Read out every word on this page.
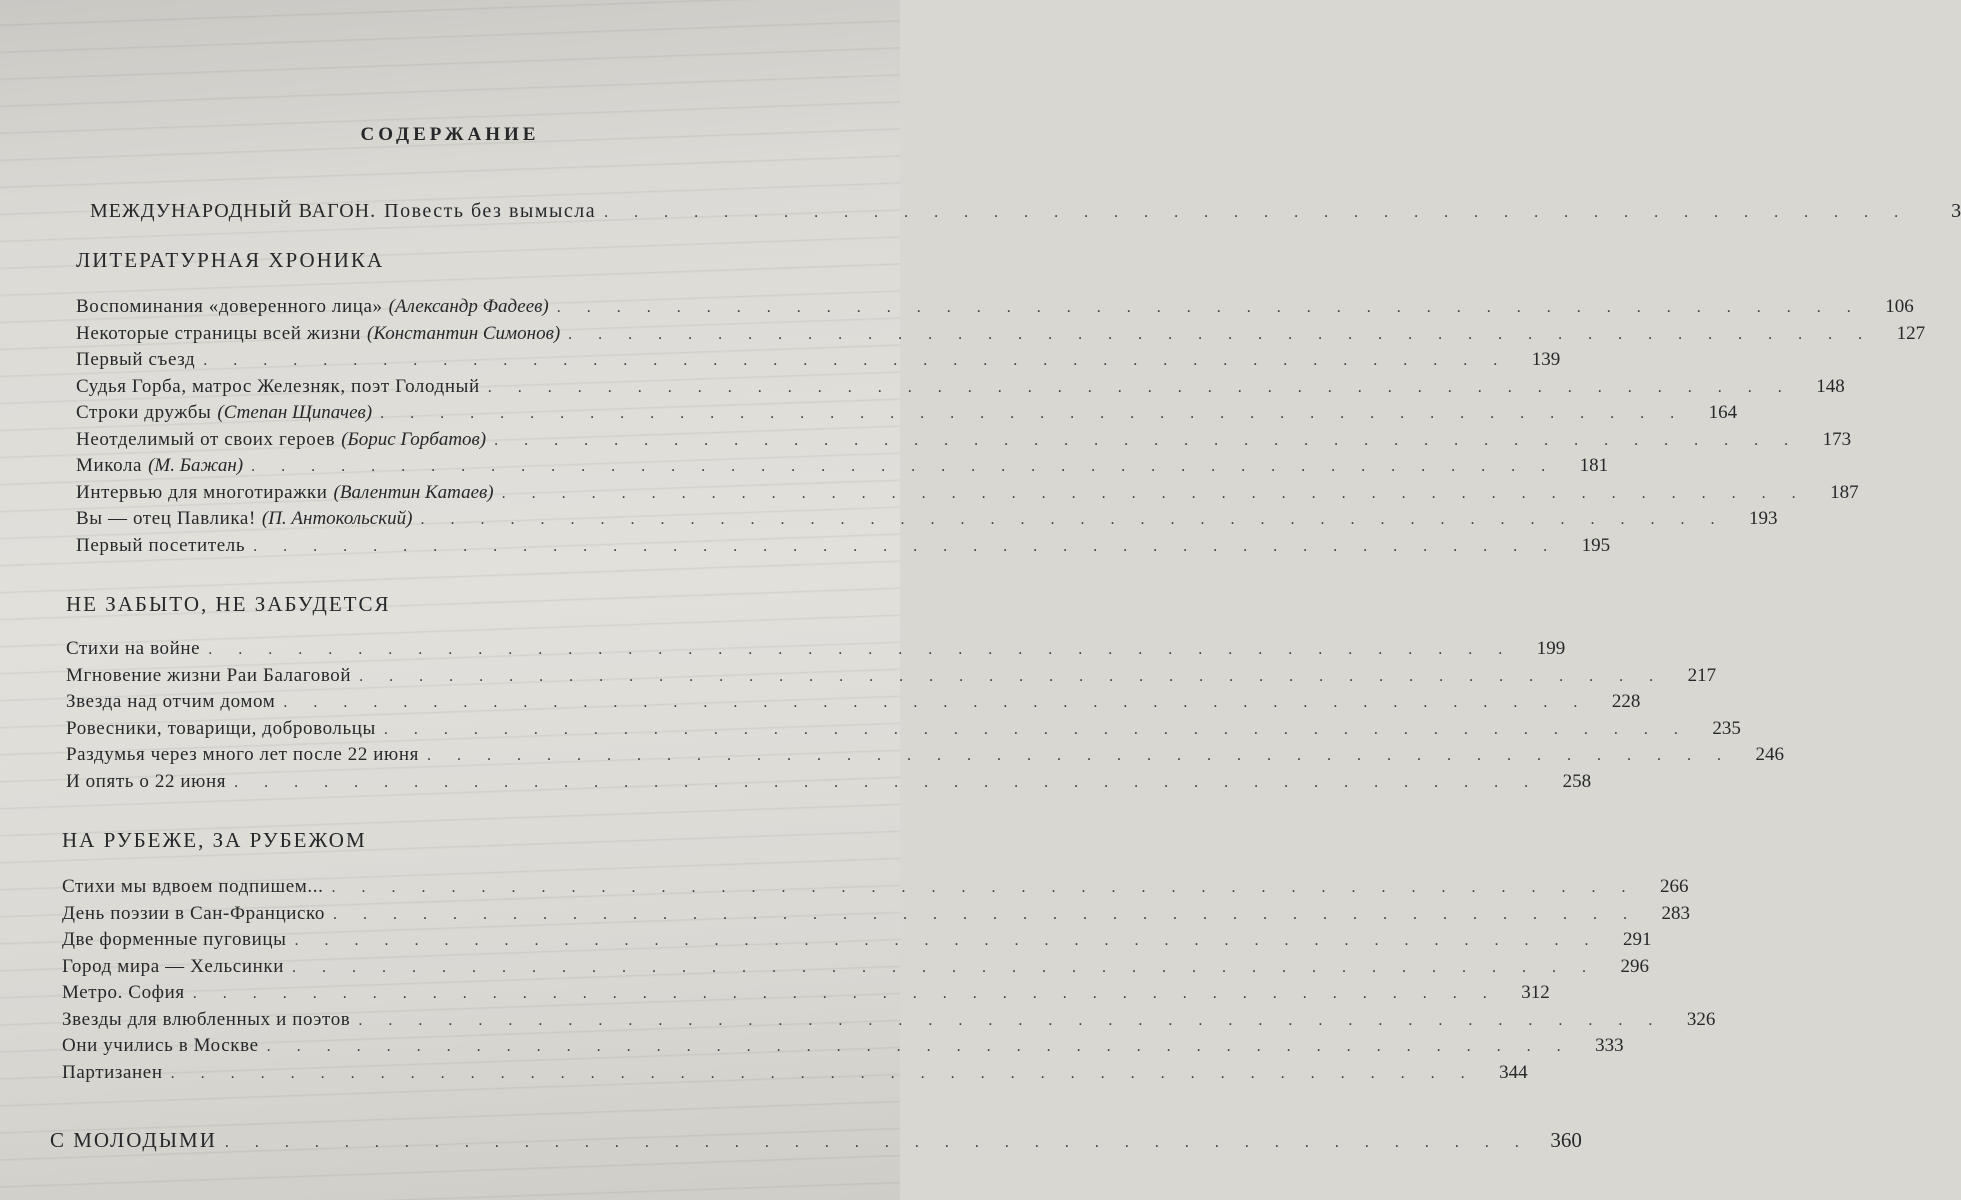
СОДЕРЖАНИЕ
МЕЖДУНАРОДНЫЙ ВАГОН. Повесть без вымысла . . . . . . . . . . . . . . . . . . . . . . . . . . . . . . . . . . . . . . . . . . . .	3
ЛИТЕРАТУРНАЯ ХРОНИКА
Воспоминания «доверенного лица» (Александр Фадеев) . . . . . . . . . . . . . . . . . . . . . . . . . . . . . . . . . . . . . . . . . . . .	106
Некоторые страницы всей жизни (Константин Симонов) . . . . . . . . . . . . . . . . . . . . . . . . . . . . . . . . . . . . . . . . . . . .	127
Первый съезд . . . . . . . . . . . . . . . . . . . . . . . . . . . . . . . . . . . . . . . . . . . .	139
Судья Горба, матрос Железняк, поэт Голодный . . . . . . . . . . . . . . . . . . . . . . . . . . . . . . . . . . . . . . . . . . . .	148
Строки дружбы (Степан Щипачев) . . . . . . . . . . . . . . . . . . . . . . . . . . . . . . . . . . . . . . . . . . . .	164
Неотделимый от своих героев (Борис Горбатов) . . . . . . . . . . . . . . . . . . . . . . . . . . . . . . . . . . . . . . . . . . . .	173
Микола (М. Бажан) . . . . . . . . . . . . . . . . . . . . . . . . . . . . . . . . . . . . . . . . . . . .	181
Интервью для многотиражки (Валентин Катаев) . . . . . . . . . . . . . . . . . . . . . . . . . . . . . . . . . . . . . . . . . . . .	187
Вы — отец Павлика! (П. Антокольский) . . . . . . . . . . . . . . . . . . . . . . . . . . . . . . . . . . . . . . . . . . . .	193
Первый посетитель . . . . . . . . . . . . . . . . . . . . . . . . . . . . . . . . . . . . . . . . . . . .	195
НЕ ЗАБЫТО, НЕ ЗАБУДЕТСЯ
Стихи на войне . . . . . . . . . . . . . . . . . . . . . . . . . . . . . . . . . . . . . . . . . . . .	199
Мгновение жизни Раи Балаговой . . . . . . . . . . . . . . . . . . . . . . . . . . . . . . . . . . . . . . . . . . . .	217
Звезда над отчим домом . . . . . . . . . . . . . . . . . . . . . . . . . . . . . . . . . . . . . . . . . . . .	228
Ровесники, товарищи, добровольцы . . . . . . . . . . . . . . . . . . . . . . . . . . . . . . . . . . . . . . . . . . . .	235
Раздумья через много лет после 22 июня . . . . . . . . . . . . . . . . . . . . . . . . . . . . . . . . . . . . . . . . . . . .	246
И опять о 22 июня . . . . . . . . . . . . . . . . . . . . . . . . . . . . . . . . . . . . . . . . . . . .	258
НА РУБЕЖЕ, ЗА РУБЕЖОМ
Стихи мы вдвоем подпишем... . . . . . . . . . . . . . . . . . . . . . . . . . . . . . . . . . . . . . . . . . . . .	266
День поэзии в Сан-Франциско . . . . . . . . . . . . . . . . . . . . . . . . . . . . . . . . . . . . . . . . . . . .	283
Две форменные пуговицы . . . . . . . . . . . . . . . . . . . . . . . . . . . . . . . . . . . . . . . . . . . .	291
Город мира — Хельсинки . . . . . . . . . . . . . . . . . . . . . . . . . . . . . . . . . . . . . . . . . . . .	296
Метро. София . . . . . . . . . . . . . . . . . . . . . . . . . . . . . . . . . . . . . . . . . . . .	312
Звезды для влюбленных и поэтов . . . . . . . . . . . . . . . . . . . . . . . . . . . . . . . . . . . . . . . . . . . .	326
Они учились в Москве . . . . . . . . . . . . . . . . . . . . . . . . . . . . . . . . . . . . . . . . . . . .	333
Партизанен . . . . . . . . . . . . . . . . . . . . . . . . . . . . . . . . . . . . . . . . . . . .	344
С МОЛОДЫМИ . . . . . . . . . . . . . . . . . . . . . . . . . . . . . . . . . . . . . . . . . . . . 360
